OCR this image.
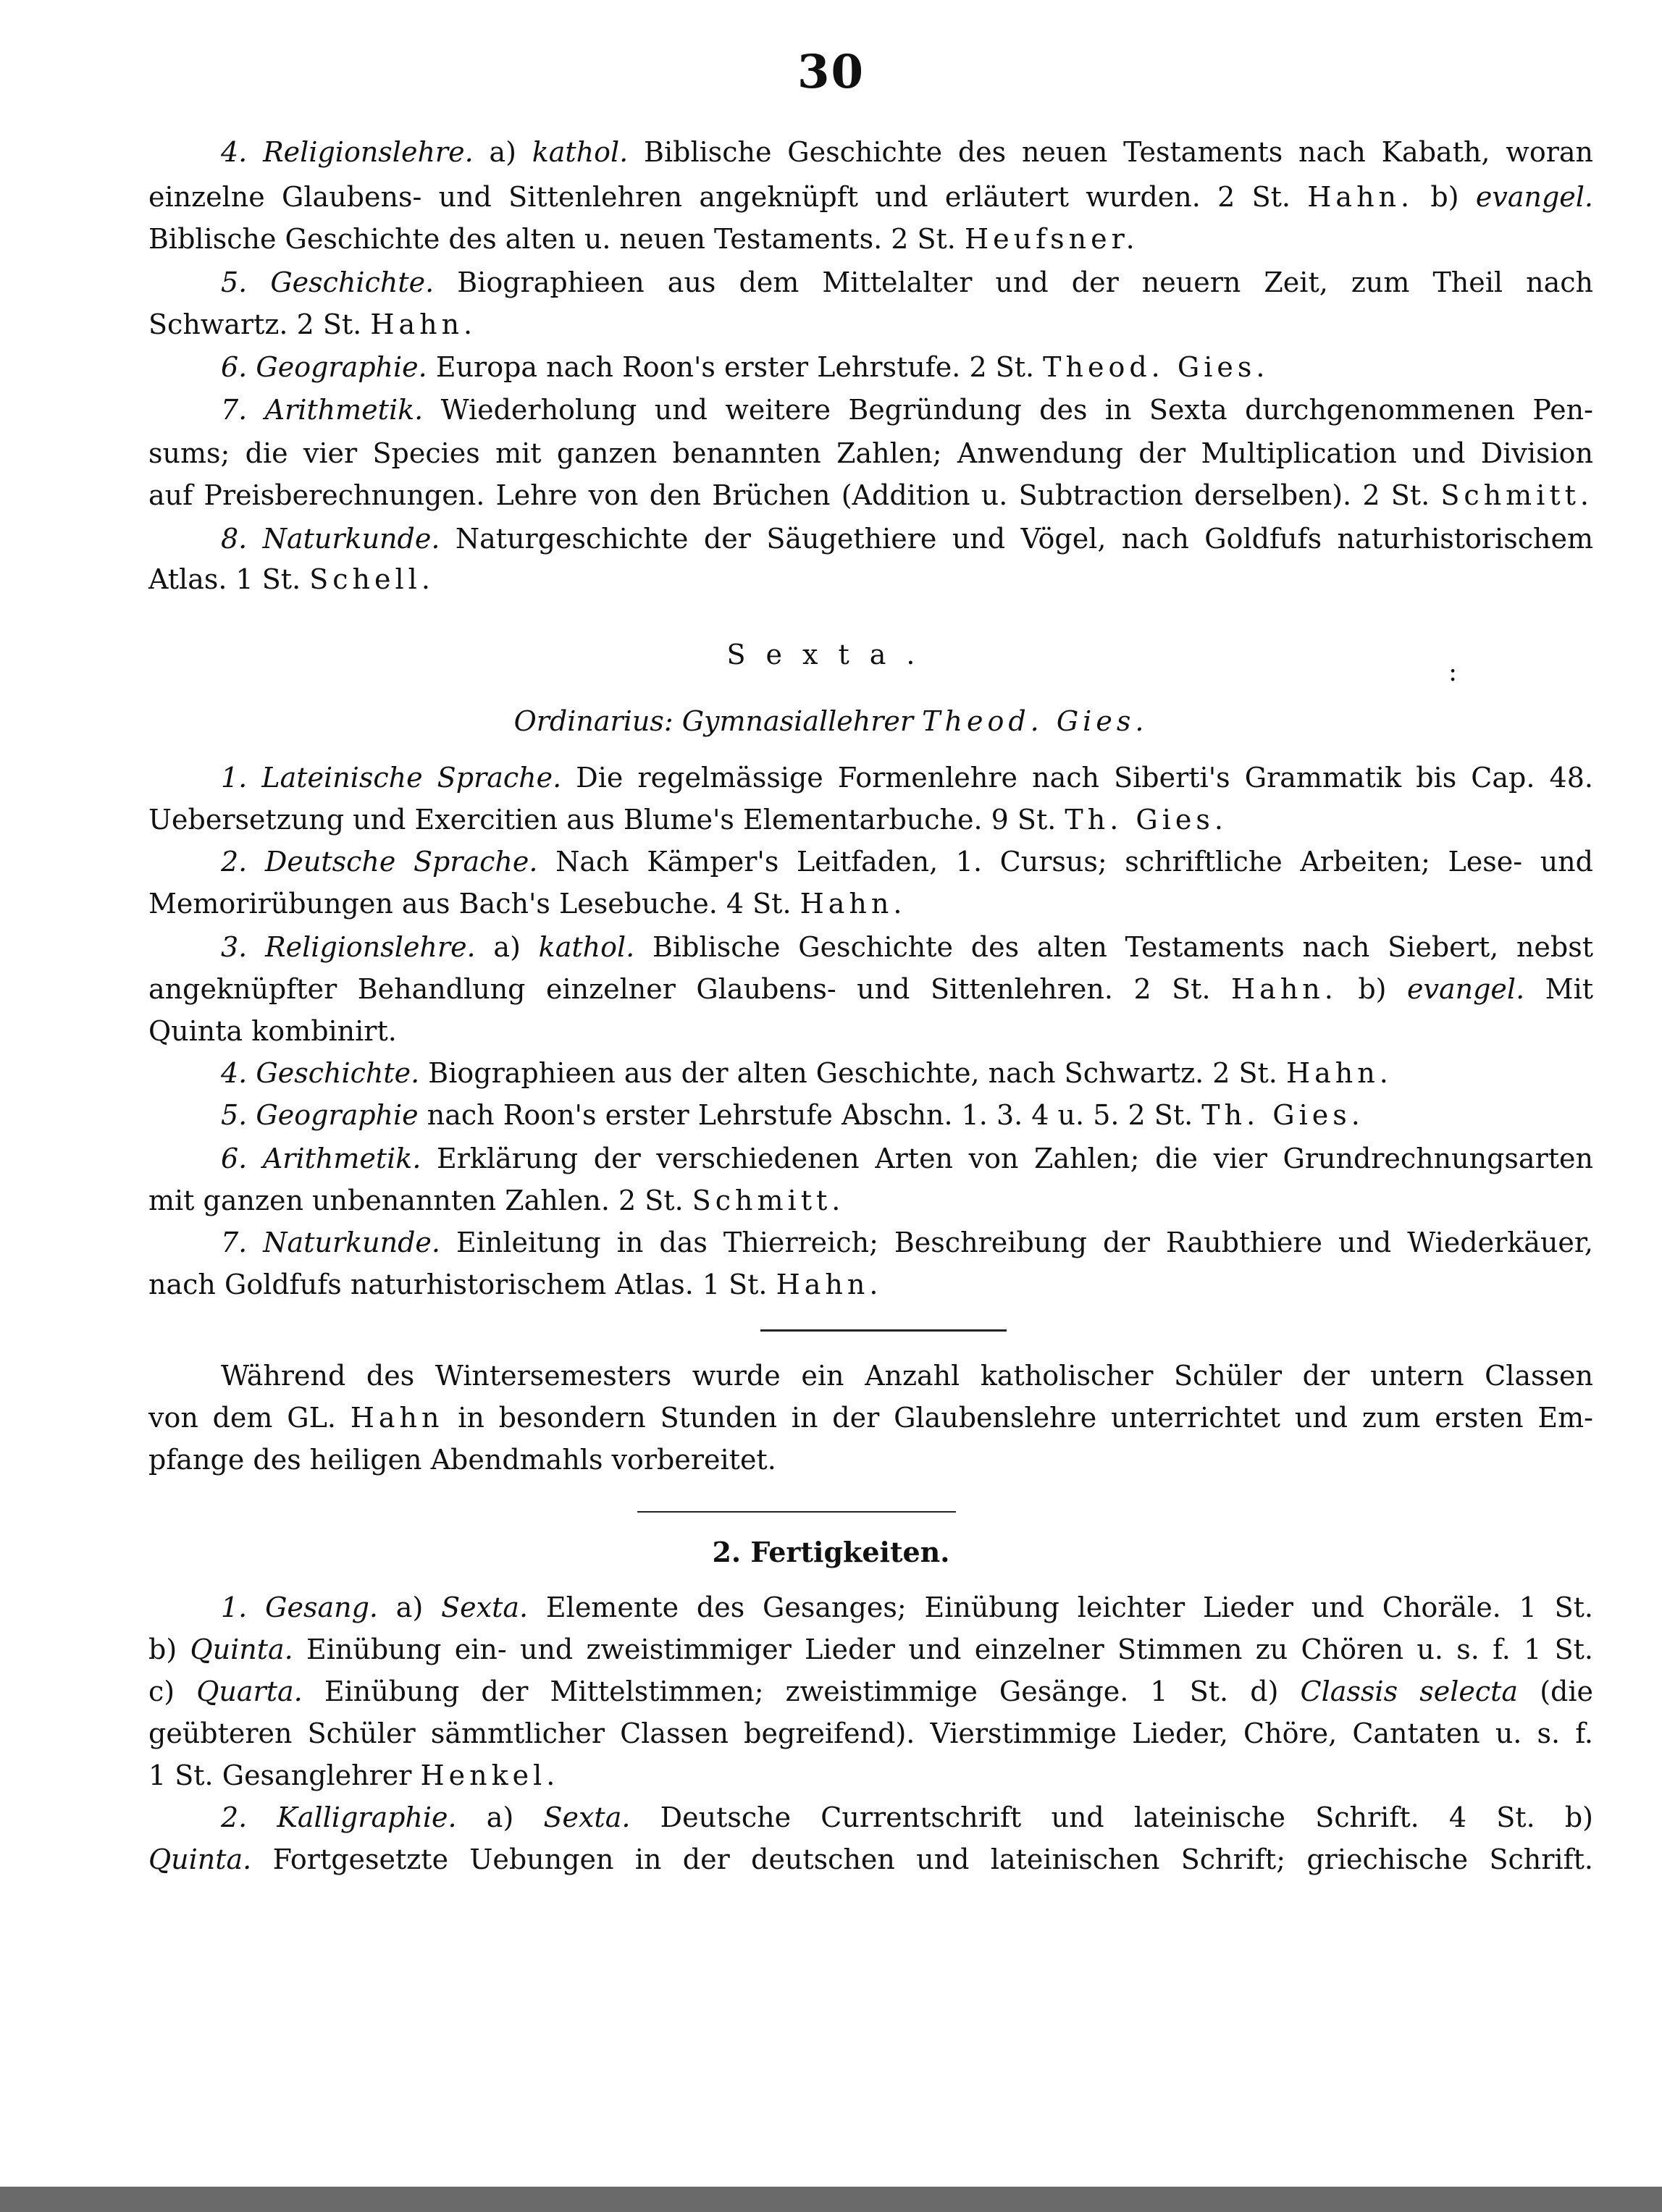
30
4. Religionslehre. a) kathol. Biblische Geschichte des neuen Testaments nach Kabath, woran
einzelne Glaubens- und Sittenlehren angeknüpft und erläutert wurden. 2 St. Hahn. b) evangel.
Biblische Geschichte des alten u. neuen Testaments. 2 St. Heufsner.
5. Geschichte. Biographieen aus dem Mittelalter und der neuern Zeit, zum Theil nach
Schwartz. 2 St. Hahn.
6. Geographie. Europa nach Roon's erster Lehrstufe. 2 St. Theod. Gies.
7. Arithmetik. Wiederholung und weitere Begründung des in Sexta durchgenommenen Pen-
sums; die vier Species mit ganzen benannten Zahlen; Anwendung der Multiplication und Division
auf Preisberechnungen. Lehre von den Brüchen (Addition u. Subtraction derselben). 2 St. Schmitt.
8. Naturkunde. Naturgeschichte der Säugethiere und Vögel, nach Goldfufs naturhistorischem
Atlas. 1 St. Schell.
Sexta.
:
Ordinarius: Gymnasiallehrer Theod. Gies.
1. Lateinische Sprache. Die regelmässige Formenlehre nach Siberti's Grammatik bis Cap. 48.
Uebersetzung und Exercitien aus Blume's Elementarbuche. 9 St. Th. Gies.
2. Deutsche Sprache. Nach Kämper's Leitfaden, 1. Cursus; schriftliche Arbeiten; Lese- und
Memorirübungen aus Bach's Lesebuche. 4 St. Hahn.
3. Religionslehre. a) kathol. Biblische Geschichte des alten Testaments nach Siebert, nebst
angeknüpfter Behandlung einzelner Glaubens- und Sittenlehren. 2 St. Hahn. b) evangel. Mit
Quinta kombinirt.
4. Geschichte. Biographieen aus der alten Geschichte, nach Schwartz. 2 St. Hahn.
5. Geographie nach Roon's erster Lehrstufe Abschn. 1. 3. 4 u. 5. 2 St. Th. Gies.
6. Arithmetik. Erklärung der verschiedenen Arten von Zahlen; die vier Grundrechnungsarten
mit ganzen unbenannten Zahlen. 2 St. Schmitt.
7. Naturkunde. Einleitung in das Thierreich; Beschreibung der Raubthiere und Wiederkäuer,
nach Goldfufs naturhistorischem Atlas. 1 St. Hahn.
Während des Wintersemesters wurde ein Anzahl katholischer Schüler der untern Classen
von dem GL. Hahn in besondern Stunden in der Glaubenslehre unterrichtet und zum ersten Em-
pfange des heiligen Abendmahls vorbereitet.
2. Fertigkeiten.
1. Gesang. a) Sexta. Elemente des Gesanges; Einübung leichter Lieder und Choräle. 1 St.
b) Quinta. Einübung ein- und zweistimmiger Lieder und einzelner Stimmen zu Chören u. s. f. 1 St.
c) Quarta. Einübung der Mittelstimmen; zweistimmige Gesänge. 1 St. d) Classis selecta (die
geübteren Schüler sämmtlicher Classen begreifend). Vierstimmige Lieder, Chöre, Cantaten u. s. f.
1 St. Gesanglehrer Henkel.
2. Kalligraphie. a) Sexta. Deutsche Currentschrift und lateinische Schrift. 4 St. b)
Quinta. Fortgesetzte Uebungen in der deutschen und lateinischen Schrift; griechische Schrift.
